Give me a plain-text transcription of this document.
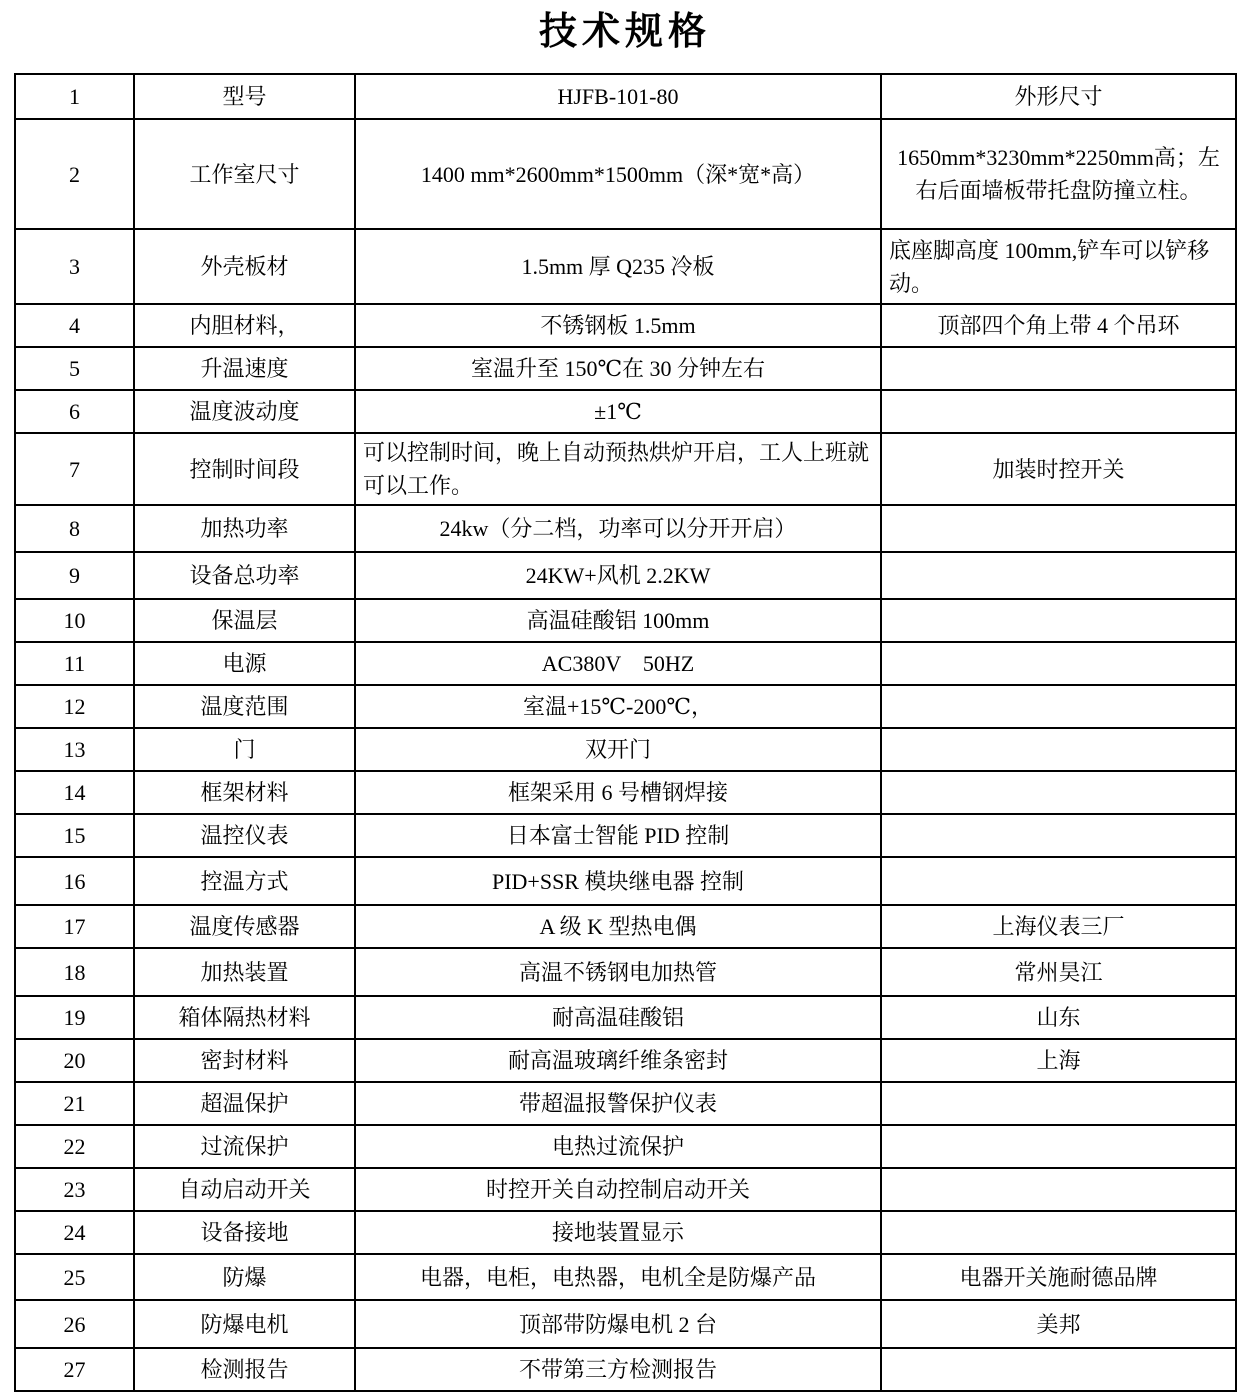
技术规格
1	型号	HJFB-101-80	外形尺寸
2	工作室尺寸	1400 mm*2600mm*1500mm（深*宽*高）	1650mm*3230mm*2250mm高；左右后面墙板带托盘防撞立柱。
3	外壳板材	1.5mm 厚 Q235 冷板	底座脚高度 100mm,铲车可以铲移动。
4	内胆材料，	不锈钢板 1.5mm	顶部四个角上带 4 个吊环
5	升温速度	室温升至 150℃在 30 分钟左右	
6	温度波动度	±1℃	
7	控制时间段	可以控制时间，晚上自动预热烘炉开启，工人上班就可以工作。	加装时控开关
8	加热功率	24kw（分二档，功率可以分开开启）	
9	设备总功率	24KW+风机 2.2KW	
10	保温层	高温硅酸铝 100mm	
11	电源	AC380V　50HZ	
12	温度范围	室温+15℃-200℃，	
13	门	双开门	
14	框架材料	框架采用 6 号槽钢焊接	
15	温控仪表	日本富士智能 PID 控制	
16	控温方式	PID+SSR 模块继电器 控制	
17	温度传感器	A 级 K 型热电偶	上海仪表三厂
18	加热装置	高温不锈钢电加热管	常州昊江
19	箱体隔热材料	耐高温硅酸铝	山东
20	密封材料	耐高温玻璃纤维条密封	上海
21	超温保护	带超温报警保护仪表	
22	过流保护	电热过流保护	
23	自动启动开关	时控开关自动控制启动开关	
24	设备接地	接地装置显示	
25	防爆	电器，电柜，电热器，电机全是防爆产品	电器开关施耐德品牌
26	防爆电机	顶部带防爆电机 2 台	美邦
27	检测报告	不带第三方检测报告	
